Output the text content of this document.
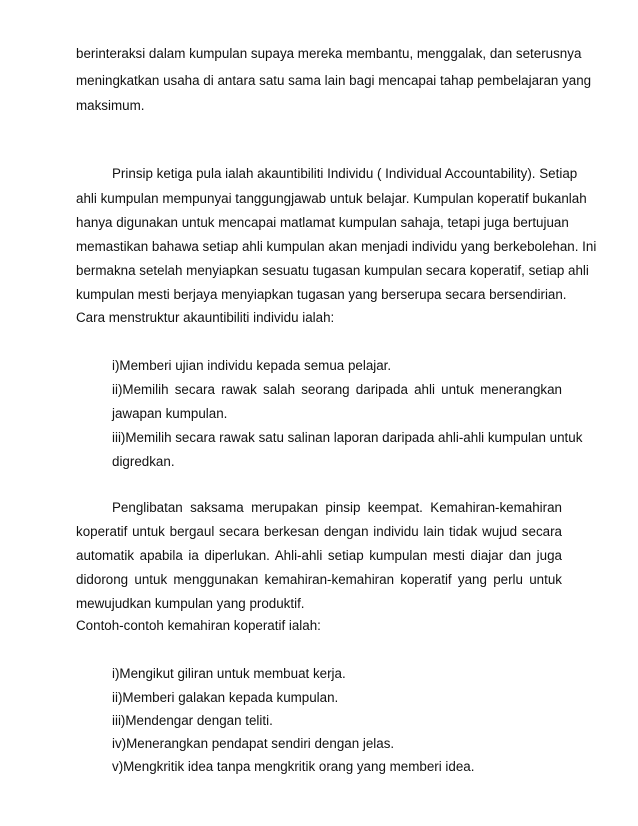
berinteraksi dalam kumpulan supaya mereka membantu, menggalak, dan seterusnya

meningkatkan usaha di antara satu sama lain bagi mencapai tahap pembelajaran yang

maksimum.

Prinsip ketiga pula ialah akauntibiliti Individu ( Individual Accountability). Setiap

ahli kumpulan mempunyai tanggungjawab untuk belajar. Kumpulan koperatif bukanlah

hanya digunakan untuk mencapai matlamat kumpulan sahaja, tetapi juga bertujuan

memastikan bahawa setiap ahli kumpulan akan menjadi individu yang berkebolehan. Ini

bermakna setelah menyiapkan sesuatu tugasan kumpulan secara koperatif, setiap ahli

kumpulan mesti berjaya menyiapkan tugasan yang berserupa secara bersendirian.

Cara menstruktur akauntibiliti individu ialah:

i)Memberi ujian individu kepada semua pelajar.

ii)Memilih secara rawak salah seorang daripada ahli untuk menerangkan

jawapan kumpulan.

iii)Memilih secara rawak satu salinan laporan daripada ahli-ahli kumpulan untuk

digredkan.

Penglibatan saksama merupakan pinsip keempat. Kemahiran-kemahiran

koperatif untuk bergaul secara berkesan dengan individu lain tidak wujud secara

automatik apabila ia diperlukan. Ahli-ahli setiap kumpulan mesti diajar dan juga

didorong untuk menggunakan kemahiran-kemahiran koperatif yang perlu untuk

mewujudkan kumpulan yang produktif.

Contoh-contoh kemahiran koperatif ialah:

i)Mengikut giliran untuk membuat kerja.

ii)Memberi galakan kepada kumpulan.

iii)Mendengar dengan teliti.

iv)Menerangkan pendapat sendiri dengan jelas.

v)Mengkritik idea tanpa mengkritik orang yang memberi idea.
